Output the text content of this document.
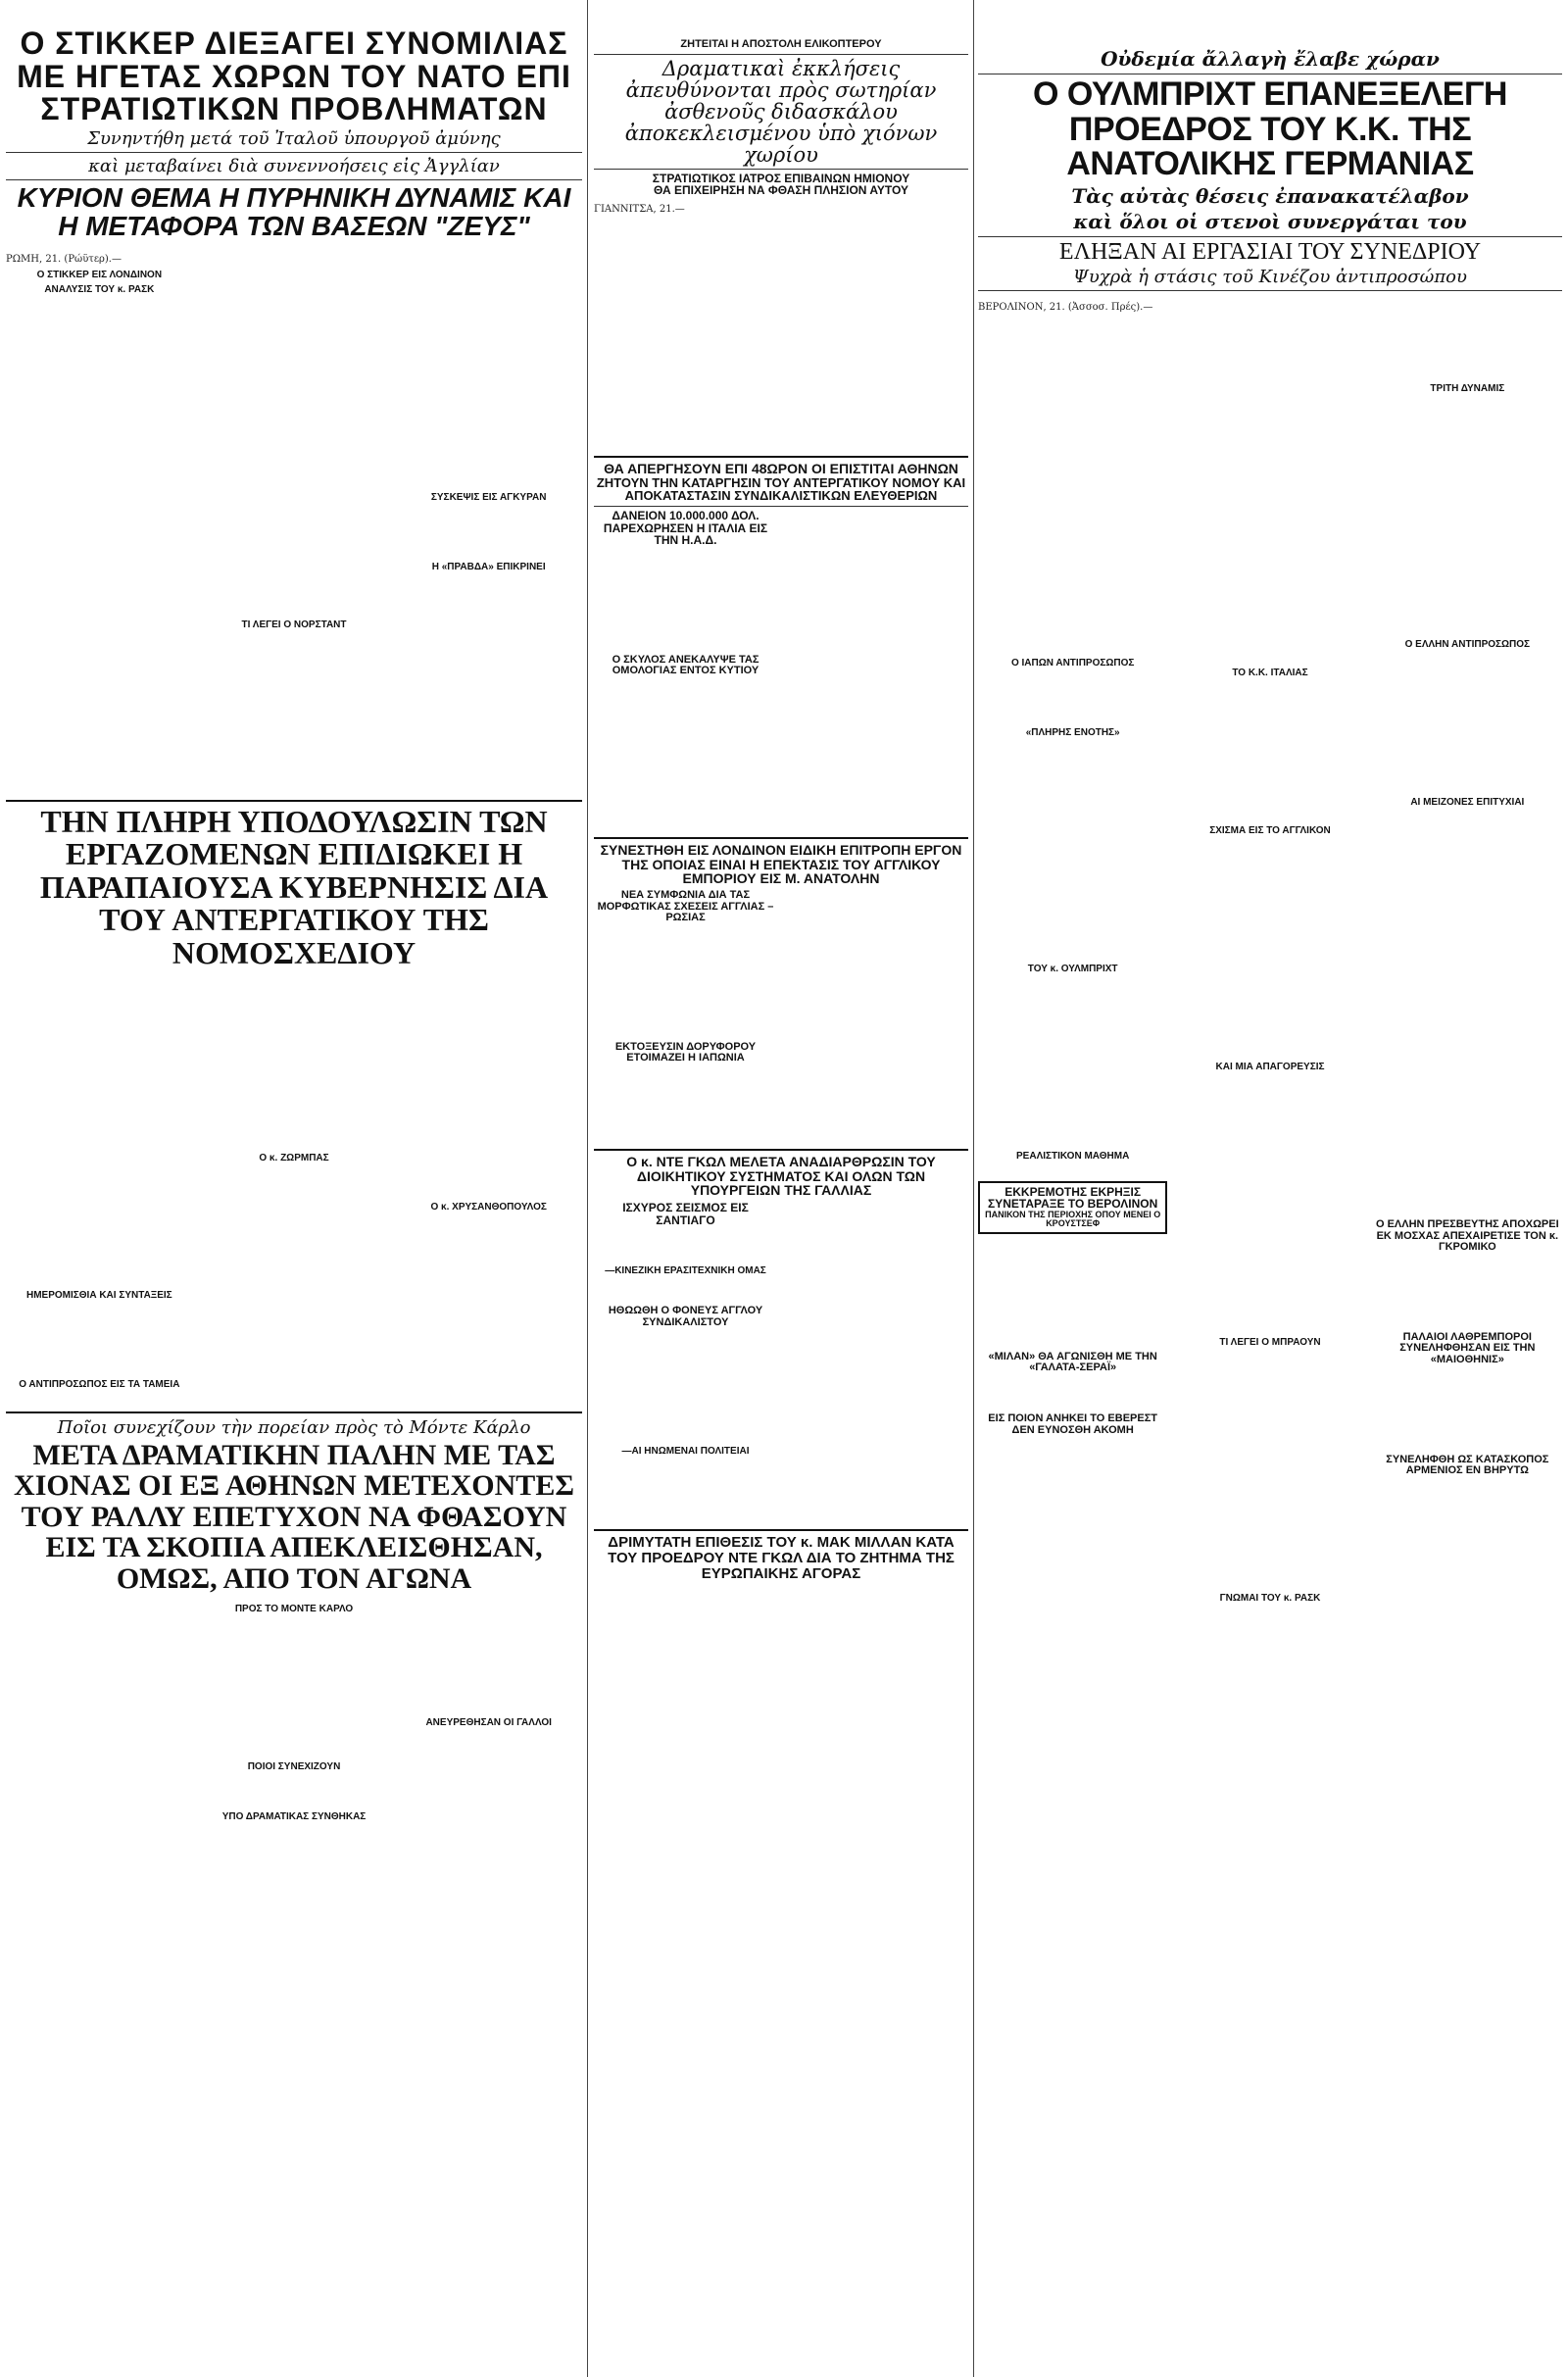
Ο ΣΤΙΚΚΕΡ ΔΙΕΞΑΓΕΙ ΣΥΝΟΜΙΛΙΑΣ ΜΕ ΗΓΕΤΑΣ ΧΩΡΩΝ ΤΟΥ ΝΑΤΟ ΕΠΙ ΣΤΡΑΤΙΩΤΙΚΩΝ ΠΡΟΒΛΗΜΑΤΩΝ
Συνηντήθη μετά τοῦ Ἰταλοῦ ὑπουργοῦ ἀμύνης
καὶ μεταβαίνει διὰ συνεννοήσεις εἰς Ἀγγλίαν
ΚΥΡΙΟΝ ΘΕΜΑ Η ΠΥΡΗΝΙΚΗ ΔΥΝΑΜΙΣ ΚΑΙ Η ΜΕΤΑΦΟΡΑ ΤΩΝ ΒΑΣΕΩΝ "ΖΕΥΣ"
ΡΩΜΗ, 21. (Ρώϋτερ).—
Ο ΣΤΙΚΚΕΡ ΕΙΣ ΛΟΝΔΙΝΟΝ
ΑΝΑΛΥΣΙΣ ΤΟΥ κ. ΡΑΣΚ
ΤΙ ΛΕΓΕΙ Ο ΝΟΡΣΤΑΝΤ
ΣΥΣΚΕΨΙΣ ΕΙΣ ΑΓΚΥΡΑΝ
Η «ΠΡΑΒΔΑ» ΕΠΙΚΡΙΝΕΙ
ΤΗΝ ΠΛΗΡΗ ΥΠΟΔΟΥΛΩΣΙΝ ΤΩΝ ΕΡΓΑΖΟΜΕΝΩΝ ΕΠΙΔΙΩΚΕΙ Η ΠΑΡΑΠΑΙΟΥΣΑ ΚΥΒΕΡΝΗΣΙΣ ΔΙΑ ΤΟΥ ΑΝΤΕΡΓΑΤΙΚΟΥ ΤΗΣ ΝΟΜΟΣΧΕΔΙΟΥ
ΗΜΕΡΟΜΙΣΘΙΑ ΚΑΙ ΣΥΝΤΑΞΕΙΣ
Ο ΑΝΤΙΠΡΟΣΩΠΟΣ ΕΙΣ ΤΑ ΤΑΜΕΙΑ
Ο κ. ΖΩΡΜΠΑΣ
Ο κ. ΧΡΥΣΑΝΘΟΠΟΥΛΟΣ
Ποῖοι συνεχίζουν τὴν πορείαν πρὸς τὸ Μόντε Κάρλο
ΜΕΤΑ ΔΡΑΜΑΤΙΚΗΝ ΠΑΛΗΝ ΜΕ ΤΑΣ ΧΙΟΝΑΣ ΟΙ ΕΞ ΑΘΗΝΩΝ ΜΕΤΕΧΟΝΤΕΣ ΤΟΥ ΡΑΛΛΥ ΕΠΕΤΥΧΟΝ ΝΑ ΦΘΑΣΟΥΝ ΕΙΣ ΤΑ ΣΚΟΠΙΑ ΑΠΕΚΛΕΙΣΘΗΣΑΝ, ΟΜΩΣ, ΑΠΟ ΤΟΝ ΑΓΩΝΑ
ΠΡΟΣ ΤΟ ΜΟΝΤΕ ΚΑΡΛΟ
ΠΟΙΟΙ ΣΥΝΕΧΙΖΟΥΝ
ΥΠΟ ΔΡΑΜΑΤΙΚΑΣ ΣΥΝΘΗΚΑΣ
ΑΝΕΥΡΕΘΗΣΑΝ ΟΙ ΓΑΛΛΟΙ
ΖΗΤΕΙΤΑΙ Η ΑΠΟΣΤΟΛΗ ΕΛΙΚΟΠΤΕΡΟΥ
Δραματικαὶ ἐκκλήσεις ἀπευθύνονται πρὸς σωτηρίαν ἀσθενοῦς διδασκάλου ἀποκεκλεισμένου ὑπὸ χιόνων χωρίου
ΣΤΡΑΤΙΩΤΙΚΟΣ ΙΑΤΡΟΣ ΕΠΙΒΑΙΝΩΝ ΗΜΙΟΝΟΥ
ΘΑ ΕΠΙΧΕΙΡΗΣΗ ΝΑ ΦΘΑΣΗ ΠΛΗΣΙΟΝ ΑΥΤΟΥ
ΓΙΑΝΝΙΤΣΑ, 21.—
ΘΑ ΑΠΕΡΓΗΣΟΥΝ ΕΠΙ 48ΩΡΟΝ ΟΙ ΕΠΙΣΤΙΤΑΙ ΑΘΗΝΩΝ
ΖΗΤΟΥΝ ΤΗΝ ΚΑΤΑΡΓΗΣΙΝ ΤΟΥ ΑΝΤΕΡΓΑΤΙΚΟΥ ΝΟΜΟΥ ΚΑΙ ΑΠΟΚΑΤΑΣΤΑΣΙΝ ΣΥΝΔΙΚΑΛΙΣΤΙΚΩΝ ΕΛΕΥΘΕΡΙΩΝ
ΔΑΝΕΙΟΝ 10.000.000 ΔΟΛ. ΠΑΡΕΧΩΡΗΣΕΝ Η ΙΤΑΛΙΑ ΕΙΣ ΤΗΝ Η.Α.Δ.
Ο ΣΚΥΛΟΣ ΑΝΕΚΑΛΥΨΕ ΤΑΣ ΟΜΟΛΟΓΙΑΣ ΕΝΤΟΣ ΚΥΤΙΟΥ
ΣΥΝΕΣΤΗΘΗ ΕΙΣ ΛΟΝΔΙΝΟΝ ΕΙΔΙΚΗ ΕΠΙΤΡΟΠΗ ΕΡΓΟΝ ΤΗΣ ΟΠΟΙΑΣ ΕΙΝΑΙ Η ΕΠΕΚΤΑΣΙΣ ΤΟΥ ΑΓΓΛΙΚΟΥ ΕΜΠΟΡΙΟΥ ΕΙΣ Μ. ΑΝΑΤΟΛΗΝ
ΝΕΑ ΣΥΜΦΩΝΙΑ ΔΙΑ ΤΑΣ ΜΟΡΦΩΤΙΚΑΣ ΣΧΕΣΕΙΣ ΑΓΓΛΙΑΣ – ΡΩΣΙΑΣ
ΕΚΤΟΞΕΥΣΙΝ ΔΟΡΥΦΟΡΟΥ ΕΤΟΙΜΑΖΕΙ Η ΙΑΠΩΝΙΑ
Ο κ. ΝΤΕ ΓΚΩΛ ΜΕΛΕΤΑ ΑΝΑΔΙΑΡΘΡΩΣΙΝ ΤΟΥ ΔΙΟΙΚΗΤΙΚΟΥ ΣΥΣΤΗΜΑΤΟΣ ΚΑΙ ΟΛΩΝ ΤΩΝ ΥΠΟΥΡΓΕΙΩΝ ΤΗΣ ΓΑΛΛΙΑΣ
ΙΣΧΥΡΟΣ ΣΕΙΣΜΟΣ ΕΙΣ ΣΑΝΤΙΑΓΟ
—ΚΙΝΕΖΙΚΗ ΕΡΑΣΙΤΕΧΝΙΚΗ ΟΜΑΣ
ΗΘΩΩΘΗ Ο ΦΟΝΕΥΣ ΑΓΓΛΟΥ ΣΥΝΔΙΚΑΛΙΣΤΟΥ
—ΑΙ ΗΝΩΜΕΝΑΙ ΠΟΛΙΤΕΙΑΙ
ΔΡΙΜΥΤΑΤΗ ΕΠΙΘΕΣΙΣ ΤΟΥ κ. ΜΑΚ ΜΙΛΛΑΝ ΚΑΤΑ ΤΟΥ ΠΡΟΕΔΡΟΥ ΝΤΕ ΓΚΩΛ ΔΙΑ ΤΟ ΖΗΤΗΜΑ ΤΗΣ ΕΥΡΩΠΑΙΚΗΣ ΑΓΟΡΑΣ
Οὐδεμία ἄλλαγὴ ἔλαβε χώραν
Ο ΟΥΛΜΠΡΙΧΤ ΕΠΑΝΕΞΕΛΕΓΗ ΠΡΟΕΔΡΟΣ ΤΟΥ Κ.Κ. ΤΗΣ ΑΝΑΤΟΛΙΚΗΣ ΓΕΡΜΑΝΙΑΣ
Τὰς αὐτὰς θέσεις ἐπανακατέλαβον
καὶ ὅλοι οἱ στενοὶ συνεργάται του
ΕΛΗΞΑΝ ΑΙ ΕΡΓΑΣΙΑΙ ΤΟΥ ΣΥΝΕΔΡΙΟΥ
Ψυχρὰ ἡ στάσις τοῦ Κινέζου ἀντιπροσώπου
ΒΕΡΟΛΙΝΟΝ, 21. (Ἀσσοσ. Πρές).—
Ο ΙΑΠΩΝ ΑΝΤΙΠΡΟΣΩΠΟΣ
«ΠΛΗΡΗΣ ΕΝΟΤΗΣ»
ΤΟΥ κ. ΟΥΛΜΠΡΙΧΤ
ΡΕΑΛΙΣΤΙΚΟΝ ΜΑΘΗΜΑ
ΕΚΚΡΕΜΟΤΗΣ ΕΚΡΗΞΙΣ ΣΥΝΕΤΑΡΑΞΕ ΤΟ ΒΕΡΟΛΙΝΟΝ
ΠΑΝΙΚΟΝ ΤΗΣ ΠΕΡΙΟΧΗΣ ΟΠΟΥ ΜΕΝΕΙ Ο ΚΡΟΥΣΤΣΕΦ
«ΜΙΛΑΝ» ΘΑ ΑΓΩΝΙΣΘΗ ΜΕ ΤΗΝ «ΓΑΛΑΤΑ-ΣΕΡΑΪ»
ΕΙΣ ΠΟΙΟΝ ΑΝΗΚΕΙ ΤΟ ΕΒΕΡΕΣΤ ΔΕΝ ΕΥΝΟΣΘΗ ΑΚΟΜΗ
ΤΟ Κ.Κ. ΙΤΑΛΙΑΣ
ΣΧΙΣΜΑ ΕΙΣ ΤΟ ΑΓΓΛΙΚΟΝ
ΚΑΙ ΜΙΑ ΑΠΑΓΟΡΕΥΣΙΣ
ΤΙ ΛΕΓΕΙ Ο ΜΠΡΑΟΥΝ
ΓΝΩΜΑΙ ΤΟΥ κ. ΡΑΣΚ
ΤΡΙΤΗ ΔΥΝΑΜΙΣ
Ο ΕΛΛΗΝ ΑΝΤΙΠΡΟΣΩΠΟΣ
ΑΙ ΜΕΙΖΟΝΕΣ ΕΠΙΤΥΧΙΑΙ
Ο ΕΛΛΗΝ ΠΡΕΣΒΕΥΤΗΣ ΑΠΟΧΩΡΕΙ ΕΚ ΜΟΣΧΑΣ ΑΠΕΧΑΙΡΕΤΙΣΕ ΤΟΝ κ. ΓΚΡΟΜΙΚΟ
ΠΑΛΑΙΟΙ ΛΑΘΡΕΜΠΟΡΟΙ ΣΥΝΕΛΗΦΘΗΣΑΝ ΕΙΣ ΤΗΝ «ΜΑΙΟΘΗΝΙΣ»
ΣΥΝΕΛΗΦΘΗ ΩΣ ΚΑΤΑΣΚΟΠΟΣ ΑΡΜΕΝΙΟΣ ΕΝ ΒΗΡΥΤΩ
